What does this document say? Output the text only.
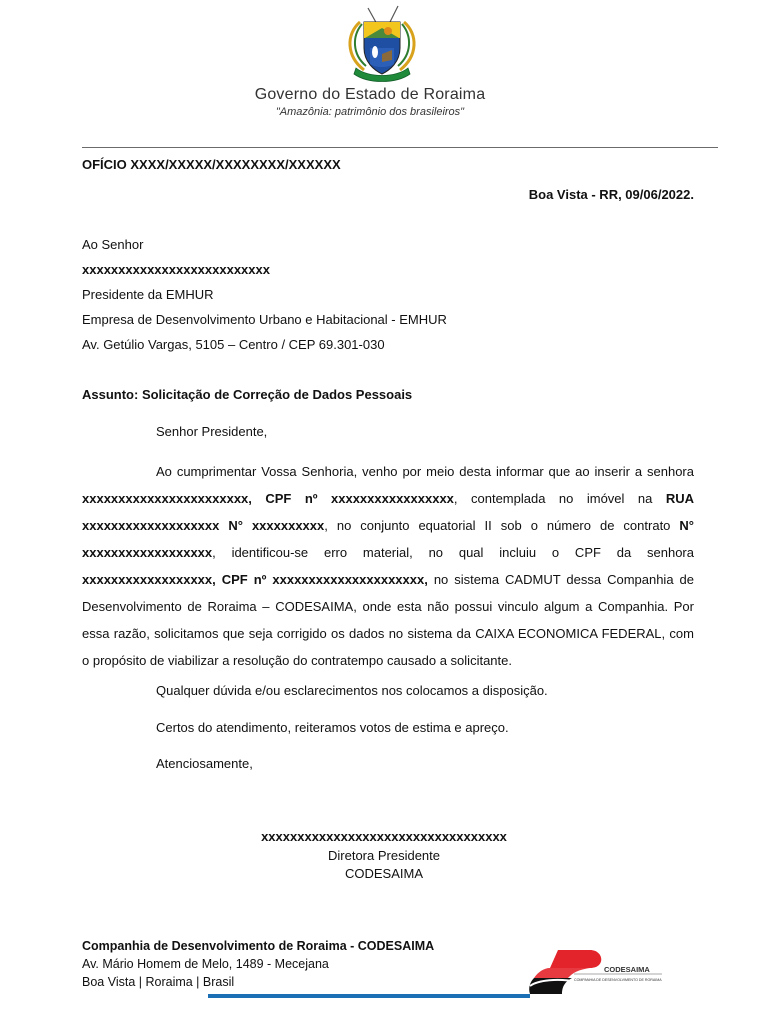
Governo do Estado de Roraima
"Amazônia: patrimônio dos brasileiros"
OFÍCIO XXXX/XXXXX/XXXXXXXX/XXXXXX
Boa Vista - RR, 09/06/2022.
Ao Senhor
xxxxxxxxxxxxxxxxxxxxxxxxxx
Presidente da EMHUR
Empresa de Desenvolvimento Urbano e Habitacional - EMHUR
Av. Getúlio Vargas, 5105 – Centro / CEP 69.301-030
Assunto: Solicitação de Correção de Dados Pessoais
Senhor Presidente,
Ao cumprimentar Vossa Senhoria, venho por meio desta informar que ao inserir a senhora xxxxxxxxxxxxxxxxxxxxxxx, CPF nº xxxxxxxxxxxxxxxxx, contemplada no imóvel na RUA xxxxxxxxxxxxxxxxxxx N° xxxxxxxxxx, no conjunto equatorial II sob o número de contrato N° xxxxxxxxxxxxxxxxxx, identificou-se erro material, no qual incluiu o CPF da senhora xxxxxxxxxxxxxxxxxx, CPF nº xxxxxxxxxxxxxxxxxxxxx, no sistema CADMUT dessa Companhia de Desenvolvimento de Roraima – CODESAIMA, onde esta não possui vinculo algum a Companhia. Por essa razão, solicitamos que seja corrigido os dados no sistema da CAIXA ECONOMICA FEDERAL, com o propósito de viabilizar a resolução do contratempo causado a solicitante.
Qualquer dúvida e/ou esclarecimentos nos colocamos a disposição.
Certos do atendimento, reiteramos votos de estima e apreço.
Atenciosamente,
xxxxxxxxxxxxxxxxxxxxxxxxxxxxxxxxxx
Diretora Presidente
CODESAIMA
Companhia de Desenvolvimento de Roraima - CODESAIMA
Av. Mário Homem de Melo, 1489 - Mecejana
Boa Vista | Roraima | Brasil
CODESAIMA
COMPANHIA DE DESENVOLVIMENTO DE RORAIMA
